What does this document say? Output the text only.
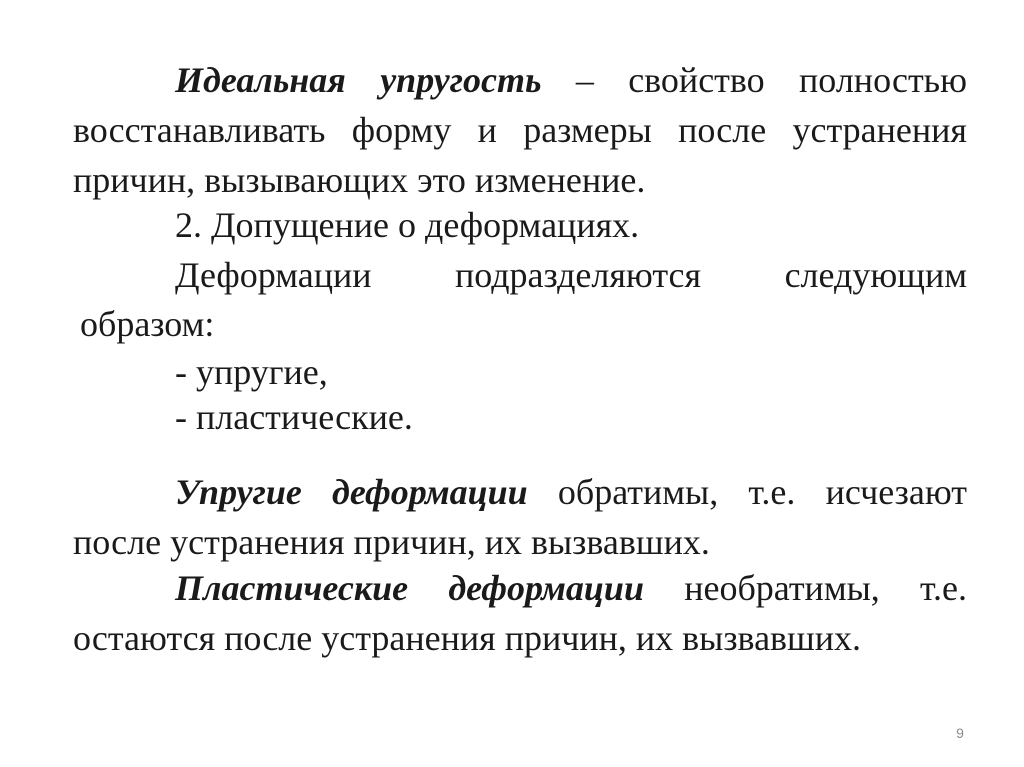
Идеальная упругость – свойство полностью восстанавливать форму и размеры после устранения причин, вызывающих это изменение.

2. Допущение о деформациях.

Деформации подразделяются следующим

образом:

- упругие,

- пластические.

Упругие деформации обратимы, т.е. исчезают после устранения причин, их вызвавших.

Пластические деформации необратимы, т.е. остаются после устранения причин, их вызвавших.

9
